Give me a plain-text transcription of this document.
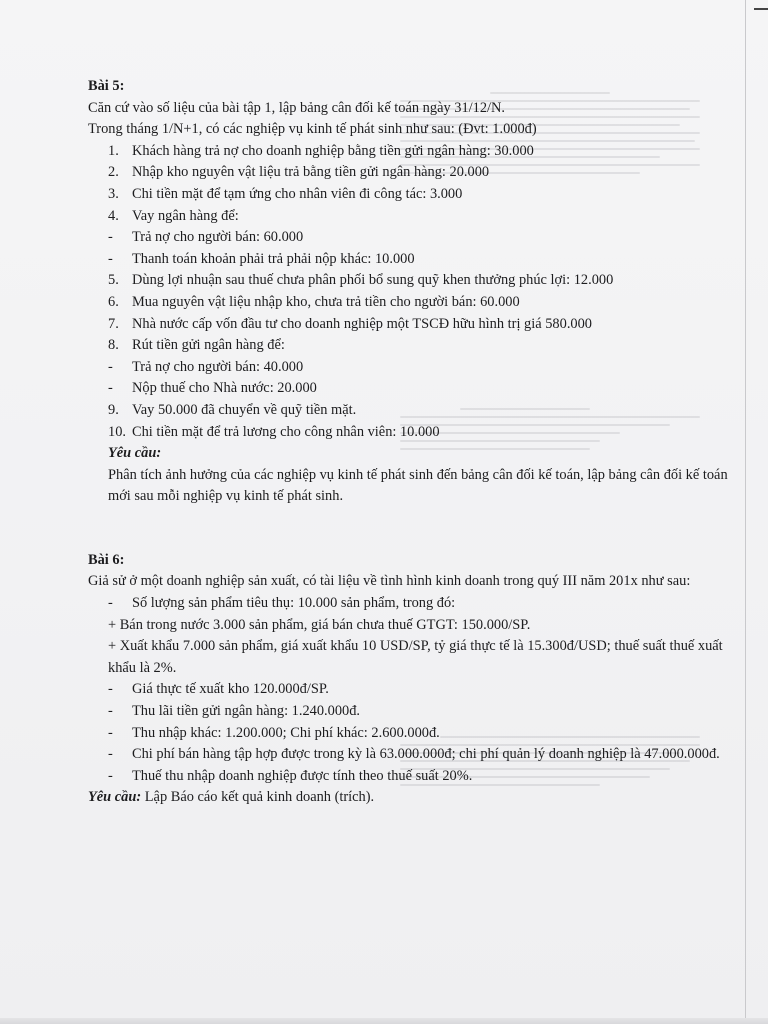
Bài 5:
Căn cứ vào số liệu của bài tập 1, lập bảng cân đối kế toán ngày 31/12/N.
Trong tháng 1/N+1, có các nghiệp vụ kinh tế phát sinh như sau: (Đvt: 1.000đ)
1. Khách hàng trả nợ cho doanh nghiệp bằng tiền gửi ngân hàng: 30.000
2. Nhập kho nguyên vật liệu trả bằng tiền gửi ngân hàng: 20.000
3. Chi tiền mặt để tạm ứng cho nhân viên đi công tác: 3.000
4. Vay ngân hàng để:
- Trả nợ cho người bán: 60.000
- Thanh toán khoản phải trả phải nộp khác: 10.000
5. Dùng lợi nhuận sau thuế chưa phân phối bổ sung quỹ khen thưởng phúc lợi: 12.000
6. Mua nguyên vật liệu nhập kho, chưa trả tiền cho người bán: 60.000
7. Nhà nước cấp vốn đầu tư cho doanh nghiệp một TSCĐ hữu hình trị giá 580.000
8. Rút tiền gửi ngân hàng để:
- Trả nợ cho người bán: 40.000
- Nộp thuế cho Nhà nước: 20.000
9. Vay 50.000 đã chuyển về quỹ tiền mặt.
10. Chi tiền mặt để trả lương cho công nhân viên: 10.000
Yêu cầu:
Phân tích ảnh hưởng của các nghiệp vụ kinh tế phát sinh đến bảng cân đối kế toán, lập bảng cân đối kế toán mới sau mỗi nghiệp vụ kinh tế phát sinh.
Bài 6:
Giả sử ở một doanh nghiệp sản xuất, có tài liệu về tình hình kinh doanh trong quý III năm 201x như sau:
- Số lượng sản phẩm tiêu thụ: 10.000 sản phẩm, trong đó:
+ Bán trong nước 3.000 sản phẩm, giá bán chưa thuế GTGT: 150.000/SP.
+ Xuất khẩu 7.000 sản phẩm, giá xuất khẩu 10 USD/SP, tỷ giá thực tế là 15.300đ/USD; thuế suất thuế xuất khẩu là 2%.
- Giá thực tế xuất kho 120.000đ/SP.
- Thu lãi tiền gửi ngân hàng: 1.240.000đ.
- Thu nhập khác: 1.200.000; Chi phí khác: 2.600.000đ.
- Chi phí bán hàng tập hợp được trong kỳ là 63.000.000đ; chi phí quản lý doanh nghiệp là 47.000.000đ.
- Thuế thu nhập doanh nghiệp được tính theo thuế suất 20%.
Yêu cầu: Lập Báo cáo kết quả kinh doanh (trích).
